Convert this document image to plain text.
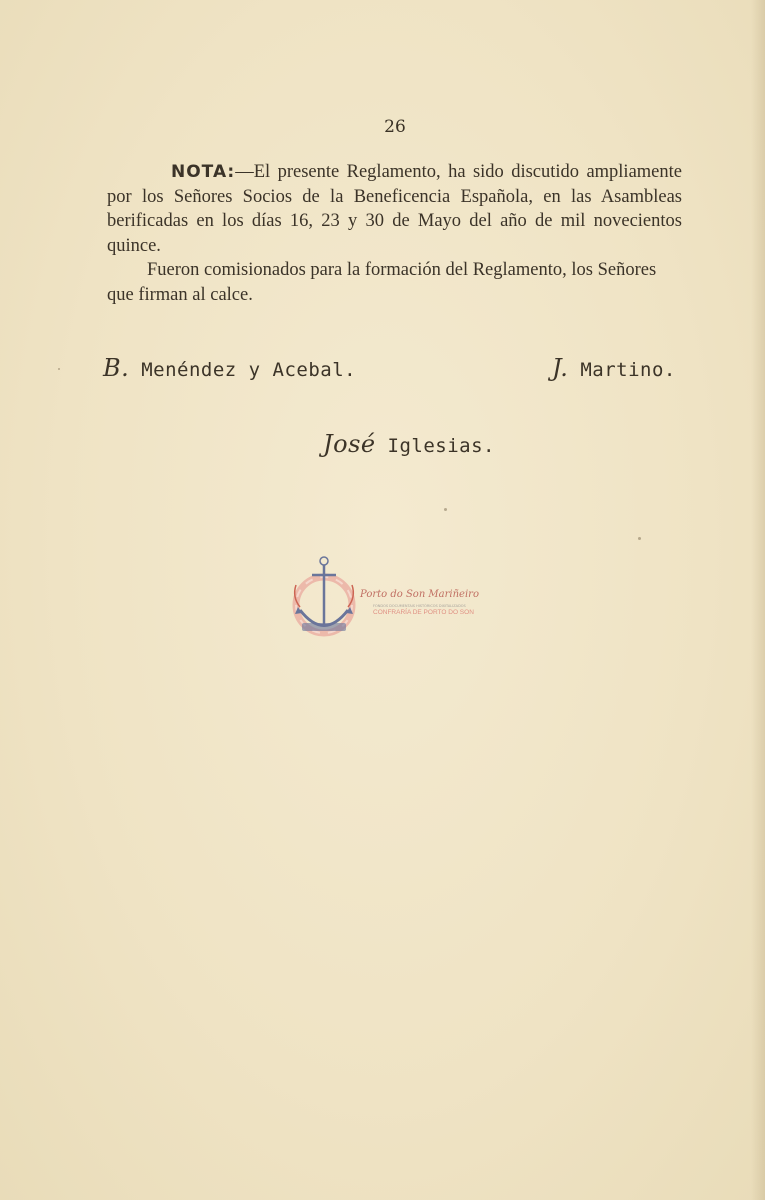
26

NOTA:—El presente Reglamento, ha sido discutido ampliamente por los Señores Socios de la Beneficencia Española, en las Asambleas berificadas en los días 16, 23 y 30 de Mayo del año de mil novecientos quince.

Fueron comisionados para la formación del Reglamento, los Señores que firman al calce.

B. Menéndez y Acebal.	J. Martino.
José Iglesias.
Porto do Son Mariñeiro
FONDOS DOCUMENTAIS HISTÓRICOS DIXITALIZADOS
CONFRARÍA DE PORTO DO SON
